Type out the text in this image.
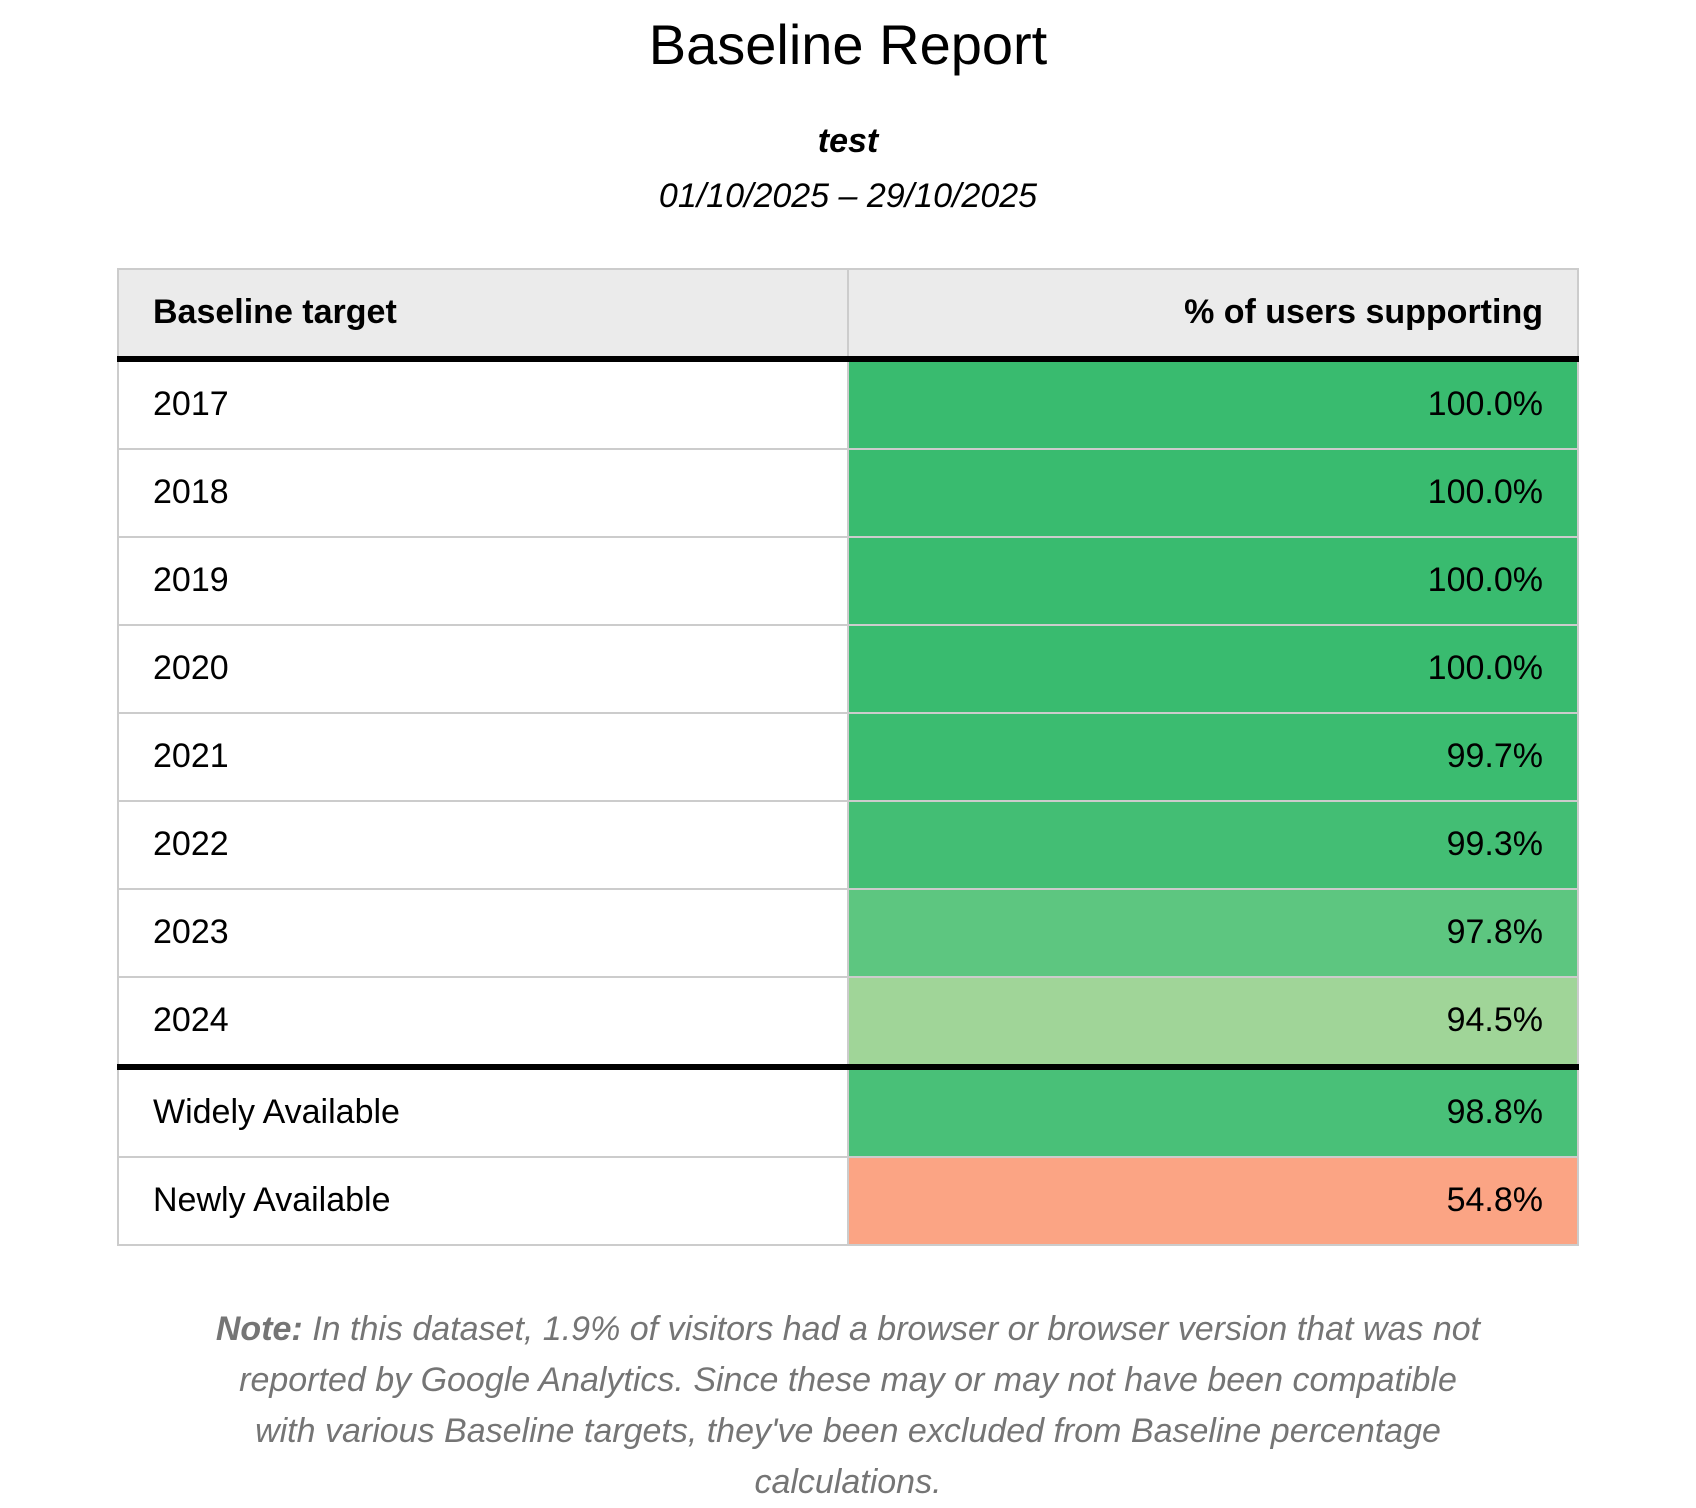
Baseline Report
test
01/10/2025 – 29/10/2025
Baseline target	% of users supporting
2017	100.0%
2018	100.0%
2019	100.0%
2020	100.0%
2021	99.7%
2022	99.3%
2023	97.8%
2024	94.5%
Widely Available	98.8%
Newly Available	54.8%

Note: In this dataset, 1.9% of visitors had a browser or browser version that was not reported by Google Analytics. Since these may or may not have been compatible with various Baseline targets, they've been excluded from Baseline percentage calculations.
